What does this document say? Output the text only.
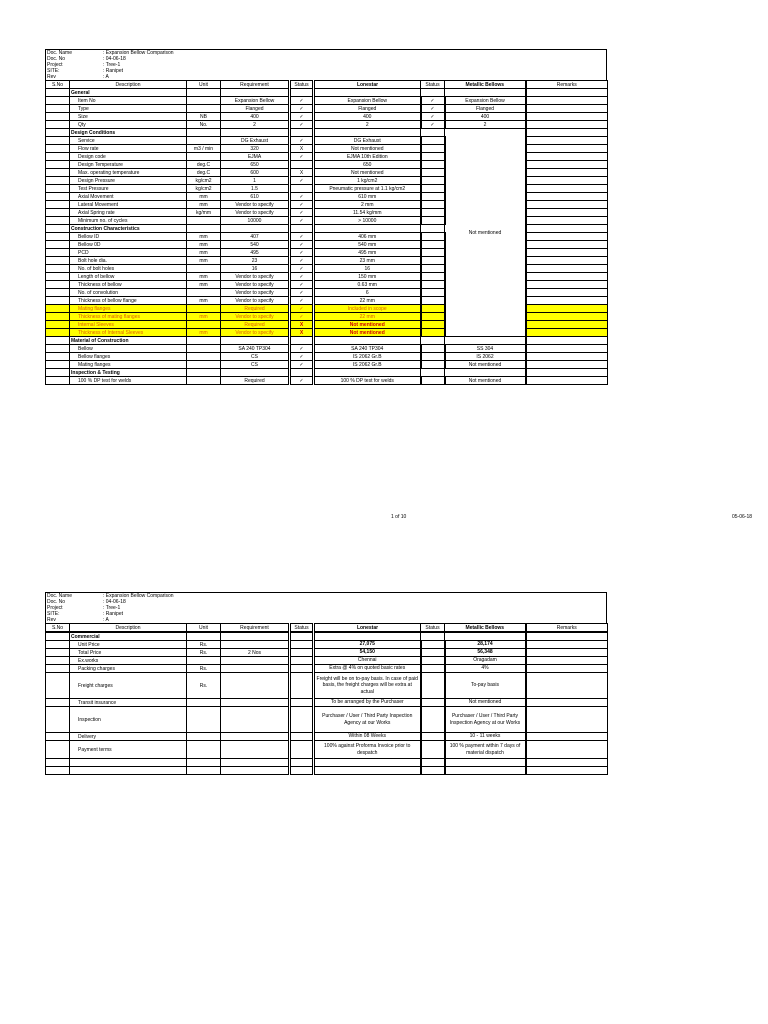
Doc. Name	: Expansion Bellow Comparison
Doc. No	: 04-06-18
Project	: Tree-1
SITE:	: Ranipet
Rev	: A
S.No	Description	Unit	Requirement	Status	Lonestar	Status	Metallic Bellows	Remarks
	General							
	Item No		Expansion Bellow	✓	Expansion Bellow	✓	Expansion Bellow	
	Type		Flanged	✓	Flanged	✓	Flanged	
	Size	NB	400	✓	400	✓	400	
	Qty	No.	2	✓	2	✓	2	
	Design Conditions						Not mentioned	
	Service		DG Exhaust	✓	DG Exhaust			
	Flow rate	m3 / min	320	X	Not mentioned			
	Design code		EJMA	✓	EJMA 10th Edition			
	Design Temperature	deg.C	650		650			
	Max. operating temperature	deg.C	600	X	Not mentioned			
	Design Pressure	kg/cm2	1	✓	1 kg/cm2			
	Test Pressure	kg/cm2	1.5		Pneumatic pressure at 1.1 kg/cm2			
	Axial Movement	mm	610	✓	610 mm			
	Lateral Movement	mm	Vendor to specify	✓	2 mm			
	Axial Spring rate	kg/mm	Vendor to specify	✓	11.54 kg/mm			
	Minimum no. of cycles		10000	✓	> 10000			
	Construction Characteristics							
	Bellow ID	mm	407	✓	406 mm			
	Bellow 0D	mm	540	✓	540 mm			
	PCD	mm	495	✓	495 mm			
	Bolt hole dia.	mm	23	✓	23 mm			
	No. of bolt holes		16	✓	16			
	Length of bellow	mm	Vendor to specify	✓	150 mm			
	Thickness of bellow	mm	Vendor to specify	✓	0.63 mm			
	No. of convolution		Vendor to specify	✓	6			
	Thickness of bellow flange	mm	Vendor to specify	✓	22 mm			
	Mating flanges		Required	✓	Included in scope			
	Thickness of mating flanges	mm	Vendor to specify	✓	22 mm			
	Internal Sleeves		Required	X	Not mentioned			
	Thickness of Internal Sleeves	mm	Vendor to specify	X	Not mentioned			
	Material of Construction							
	Bellow		SA 240 TP304	✓	SA 240 TP304		SS 304	
	Bellow flanges		CS	✓	IS 2062 Gr.B		IS 2062	
	Mating flanges		CS	✓	IS 2062 Gr.B		Not mentioned	
	Inspection & Testing							
	100 % DP test for welds		Required	✓	100 % DP test for welds		Not mentioned	
1 of 10	05-06-18
Doc. Name	: Expansion Bellow Comparison
Doc. No	: 04-06-18
Project	: Tree-1
SITE:	: Ranipet
Rev	: A
S.No	Description	Unit	Requirement	Status	Lonestar	Status	Metallic Bellows	Remarks
	Commercial							
	Unit Price	Rs.			27,075		28,174	
	Total Price	Rs.	2 Nos		54,150		56,348	
	Ex.works				Chennai		Oragadam	
	Packing charges	Rs.			Extra @ 4% on quoted basic rates		4%	
	Freight charges	Rs.			Freight will be on to-pay basis. In case of paid basis, the freight charges will be extra at actual		To-pay basis	
	Transit insurance				To be arranged by the Purchaser		Not mentioned	
	Inspection				Purchaser / User / Third Party Inspection Agency at our Works		Purchaser / User / Third Party Inspection Agency at our Works	
	Delivery				Within 08 Weeks		10 - 11 weeks	
	Payment terms				100% against Proforma Invoice prior to despatch		100 % payment within 7 days of material dispatch	
